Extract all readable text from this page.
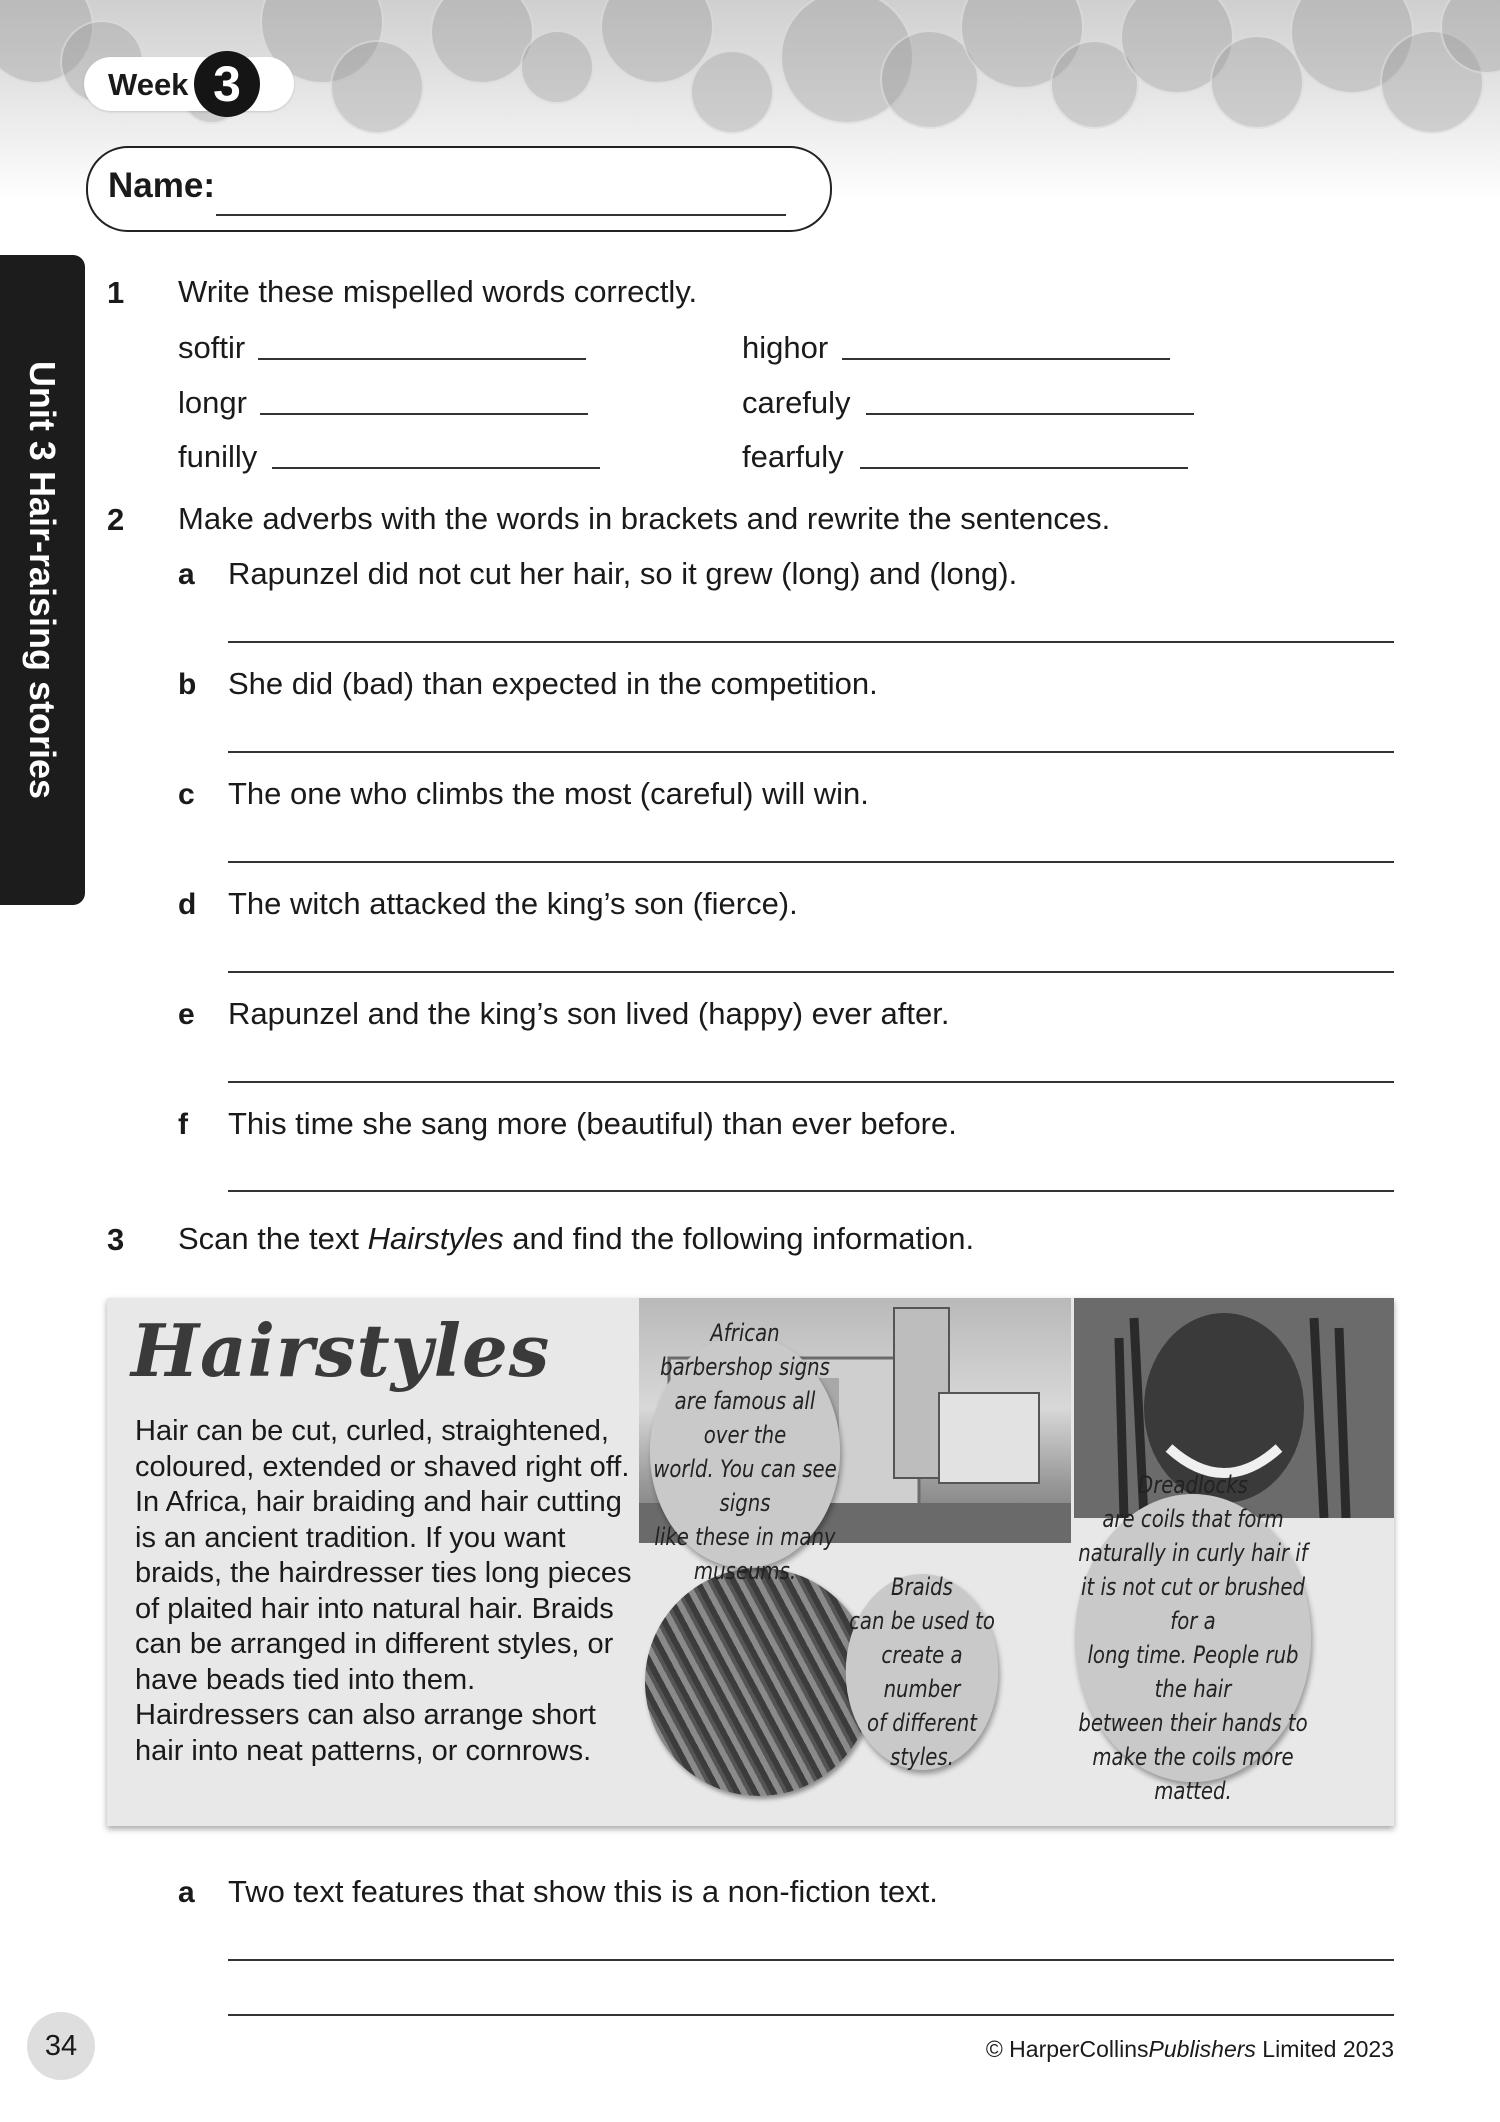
Week 3
Name:
Unit 3 Hair-raising stories
1 Write these mispelled words correctly.
softir	highor
longr	carefuly
funilly	fearfuly
2 Make adverbs with the words in brackets and rewrite the sentences.
a Rapunzel did not cut her hair, so it grew (long) and (long).
b She did (bad) than expected in the competition.
c The one who climbs the most (careful) will win.
d The witch attacked the king’s son (fierce).
e Rapunzel and the king’s son lived (happy) ever after.
f This time she sang more (beautiful) than ever before.
3 Scan the text Hairstyles and find the following information.
Hairstyles
Hair can be cut, curled, straightened, coloured, extended or shaved right off. In Africa, hair braiding and hair cutting is an ancient tradition. If you want braids, the hairdresser ties long pieces of plaited hair into natural hair. Braids can be arranged in different styles, or have beads tied into them. Hairdressers can also arrange short hair into neat patterns, or cornrows.
African
barbershop signs
are famous all over the
world. You can see signs
like these in many
museums.
Braids
can be used to
create a number
of different
styles.
Dreadlocks
are coils that form
naturally in curly hair if
it is not cut or brushed for a
long time. People rub the hair
between their hands to
make the coils more
matted.
a Two text features that show this is a non-fiction text.
34	© HarperCollinsPublishers Limited 2023
